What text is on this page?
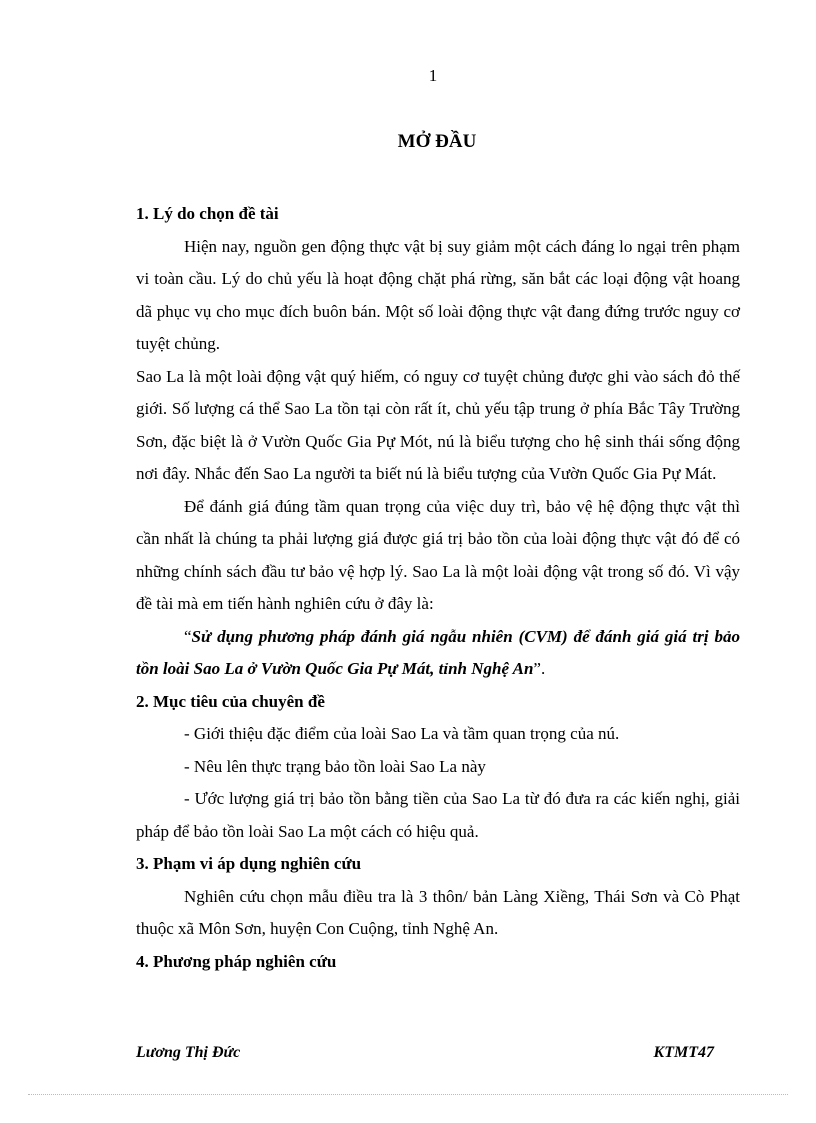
1
MỞ ĐẦU

1. Lý do chọn đề tài

Hiện nay, nguồn gen động thực vật bị suy giảm một cách đáng lo ngại trên phạm vi toàn cầu. Lý do chủ yếu là hoạt động chặt phá rừng, săn bắt các loại động vật hoang dã phục vụ cho mục đích buôn bán. Một số loài động thực vật đang đứng trước nguy cơ tuyệt chủng.

Sao La là một loài động vật quý hiếm, có nguy cơ tuyệt chủng được ghi vào sách đỏ thế giới. Số lượng cá thể Sao La tồn tại còn rất ít, chủ yếu tập trung ở phía Bắc Tây Trường Sơn, đặc biệt là ở Vườn Quốc Gia Pự Mót, nú là biểu tượng cho hệ sinh thái sống động nơi đây. Nhắc đến Sao La người ta biết nú là biểu tượng của Vườn Quốc Gia Pự Mát.

Để đánh giá đúng tầm quan trọng của việc duy trì, bảo vệ hệ động thực vật thì cần nhất là chúng ta phải lượng giá được giá trị bảo tồn của loài động thực vật đó để có những chính sách đầu tư bảo vệ hợp lý. Sao La là một loài động vật trong số đó. Vì vậy đề tài mà em tiến hành nghiên cứu ở đây là:

“Sử dụng phương pháp đánh giá ngẫu nhiên (CVM) để đánh giá giá trị bảo tồn loài Sao La ở Vườn Quốc Gia Pự Mát, tỉnh Nghệ An”.

2. Mục tiêu của chuyên đề

- Giới thiệu đặc điểm của loài Sao La và tầm quan trọng của nú.

- Nêu lên thực trạng bảo tồn loài Sao La này

- Ước lượng giá trị bảo tồn bằng tiền của Sao La từ đó đưa ra các kiến nghị, giải pháp để bảo tồn loài Sao La một cách có hiệu quả.

3. Phạm vi áp dụng nghiên cứu

Nghiên cứu chọn mẫu điều tra là 3 thôn/ bản Làng Xiềng, Thái Sơn và Cò Phạt thuộc xã Môn Sơn, huyện Con Cuộng, tỉnh Nghệ An.

4. Phương pháp nghiên cứu

Lương Thị Đức	KTMT47
